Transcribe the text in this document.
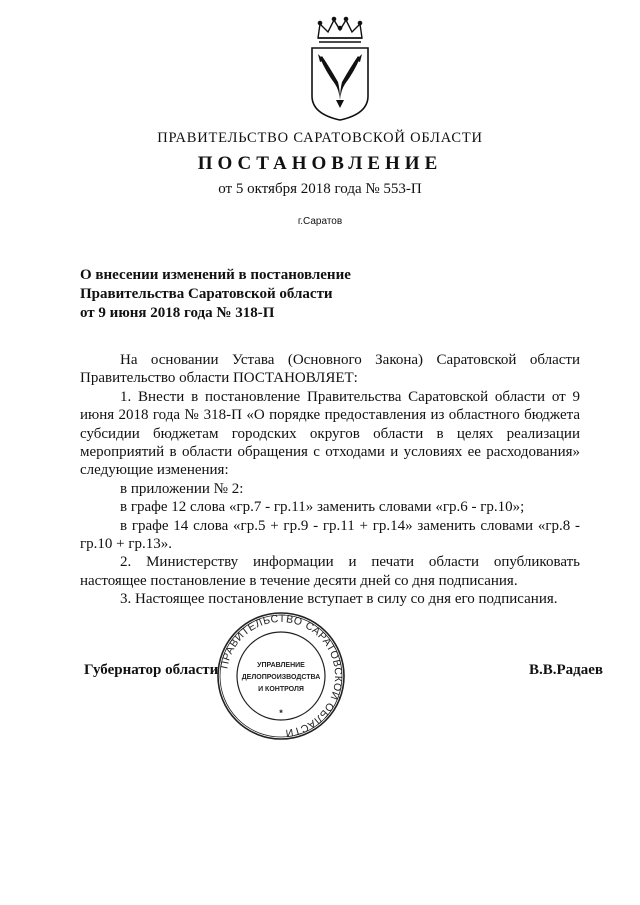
ПРАВИТЕЛЬСТВО САРАТОВСКОЙ ОБЛАСТИ
ПОСТАНОВЛЕНИЕ
от 5 октября 2018 года № 553-П
г.Саратов
О внесении изменений в постановление
Правительства Саратовской области
от 9 июня 2018 года № 318-П

На основании Устава (Основного Закона) Саратовской области Правительство области ПОСТАНОВЛЯЕТ:

1. Внести в постановление Правительства Саратовской области от 9 июня 2018 года № 318-П «О порядке предоставления из областного бюджета субсидии бюджетам городских округов области в целях реализации мероприятий в области обращения с отходами и условиях ее расходования» следующие изменения:

в приложении № 2:

в графе 12 слова «гр.7 - гр.11» заменить словами «гр.6 - гр.10»;

в графе 14 слова «гр.5 + гр.9 - гр.11 + гр.14» заменить словами «гр.8 - гр.10 + гр.13».

2. Министерству информации и печати области опубликовать настоящее постановление в течение десяти дней со дня подписания.

3. Настоящее постановление вступает в силу со дня его подписания.

Губернатор области	В.В.Радаев
ПРАВИТЕЛЬСТВО САРАТОВСКОЙ ОБЛАСТИ
УПРАВЛЕНИЕ
ДЕЛОПРОИЗВОДСТВА
И КОНТРОЛЯ
*
